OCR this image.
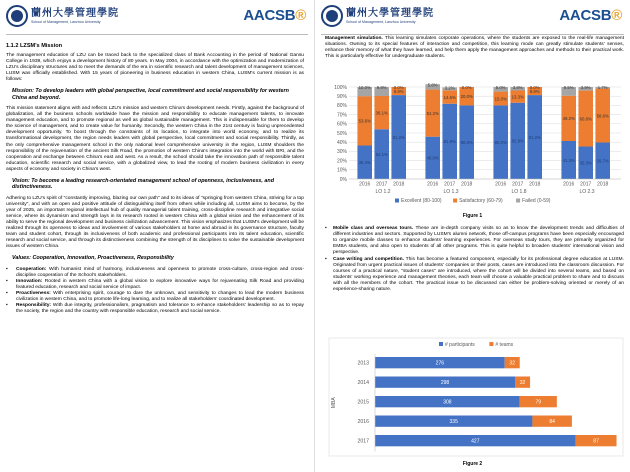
蘭州大學管理學院
School of Management, Lanzhou University	AACSB®
1.1.2 LZSM's Mission

The management education of LZU can be traced back to the specialized class of Bank Accounting in the period of National Gansu College in 1939, which enjoys a development history of 80 years. In May 2004, in accordance with the optimization and modernization of LZU's disciplinary structures and to meet the demands of the era in scientific research and talent development of management sciences, LUSM was officially established. With 15 years of pioneering in business education in western China, LUSM's current mission is as follows:

Mission: To develop leaders with global perspective, local commitment and social responsibility for western China and beyond.

This mission statement aligns with and reflects LZU's mission and western China's development needs. Firstly, against the background of globalization, all the business schools worldwide have the mission and responsibility to educate management talents, to innovate management education, and to promote regional as well as global sustainable management. This is indispensable for them to develop the science of management, and to create value for humanity. Secondly, the western China in the 21st century is facing unprecedented development opportunity. To boost through the constraints of its location, to integrate into world economy, and to realize its transformational development, the region needs leaders with global perspective, local commitment and social responsibility. Thirdly, as the only comprehensive management school in the only national level comprehensive university in the region, LUSM shoulders the responsibility of the rejuvenation of the ancient Silk Road, the promotion of western China's integration into the world with BRI, and the cooperation and exchange between China's east and west. As a result, the school should take the innovation path of responsible talent education, scientific research and social service, with a globalized view, to lead the rooting of modern business civilization in every aspects of economy and society in China's west.

Vision: To become a leading research-orientated management school of openness, inclusiveness, and distinctiveness.

Adhering to LZU's spirit of "constantly improving, blazing our own path" and to its ideas of "springing from western China, striving for a top university", and with an open and positive attitude of distinguishing itself from others while including all, LUSM aims to become, by the year of 2025, an important regional intellectual hub of quality managerial talent training, cross-discipline research and integrative social service, where its dynamism and strength lays in its research rooted in western China with a global vision and the enhancement of its ability to serve the regional development and business civilization advancement. This vision emphasizes that LUSM's development will be realized through its openness to ideas and involvement of various stakeholders at home and abroad in its governance structure, faculty team and student cohort, through its inclusiveness of both academic and professional participants into its talent education, scientific research and social service, and through its distinctiveness combining the strength of its disciplines to solve the sustainable development issues of western China.

Values: Cooperation, Innovation, Proactiveness, Responsibility
▪ Cooperation: With humanist mind of harmony, inclusiveness and openness to promote cross-culture, cross-region and cross-discipline cooperation of the School's stakeholders.
▪ Innovation: Rooted in western China with a global vision to explore innovative ways for rejuvenating Silk Road and providing featured education, research and social service of impact.
▪ Proactiveness: With enterprising spirit, courage to dare the unknown, and sensitivity to changes to lead the modern business civilization in western China, and to promote life-long learning, and to realize all stakeholders' coordinated development.
▪ Responsibility: With due integrity, professionalism, pragmatism and tolerance to enhance stakeholders' leadership so as to repay the society, the region and the country with responsible education, research and social service.
蘭州大學管理學院
School of Management, Lanzhou University	AACSB®

Management simulation. This learning simulates corporate operations, where the students are exposed to the real-life management situations. Owning to its special features of interaction and competition, this learning mode can greatly stimulate students' senses, enhance their memory of what they have learned, and help them apply the management approaches and methods to their practical work. This is particularly effective for undergraduate students.

0%
10%
20%
30%
40%
50%
60%
70%
80%
90%
100%
36.4%
53.6%
10.0%
2016
54.1%
36.1%
9.8%
2017
91.2%
8.8%
0.0%
2018
LO 1.2
46.0%
51.2%
5.8%
2016
81.8%
14.6%
3.2%
2017
80.0%
20.0%
0.0%
2018
LO 1.3
80.0%
15.0%
5.0%
2016
82.9%
13.3%
3.8%
2017
91.2%
8.8%
0.0%
2018
LO 1.8
41.3%
49.2%
9.5%
2016
35.3%
60.8%
3.9%
2017
39.7%
58.6%
1.7%
2018
LO 2.3
Excellent (80-100)	Satisfactory (60-79)	Failed (0-59)
Figure 1
▪ Mobile class and overseas tours. These are in-depth company visits so as to know the development trends and difficulties of different industries and sectors. Supported by LUSM's alumni network, those off-campus programs have been especially encouraged to organize mobile classes to enhance students' learning experiences. For overseas study tours, they are primarily organized for EMBA students, and also open to students of all other programs. This is quite helpful to broaden students' international vision and perspective.
▪ Case writing and competition. This has become a featured component, especially for its professional degree education at LUSM. Originated from urgent practical issues of students' companies or their posts, cases are introduced into the classroom discussion. For courses of a practical nature, "student cases" are introduced, where the cohort will be divided into several teams, and based on students' working experience and management theories, each team will choose a valuable practical problem to share and to discuss with all the members of the cohort. The practical issue to be discussed can either be problem-solving oriented or merely of an experience-sharing nature.
# participants	# teams
MBA
2013	276	32
2014	298	32
2015	308	79
2016	335	84
2017	427	87
Figure 2
